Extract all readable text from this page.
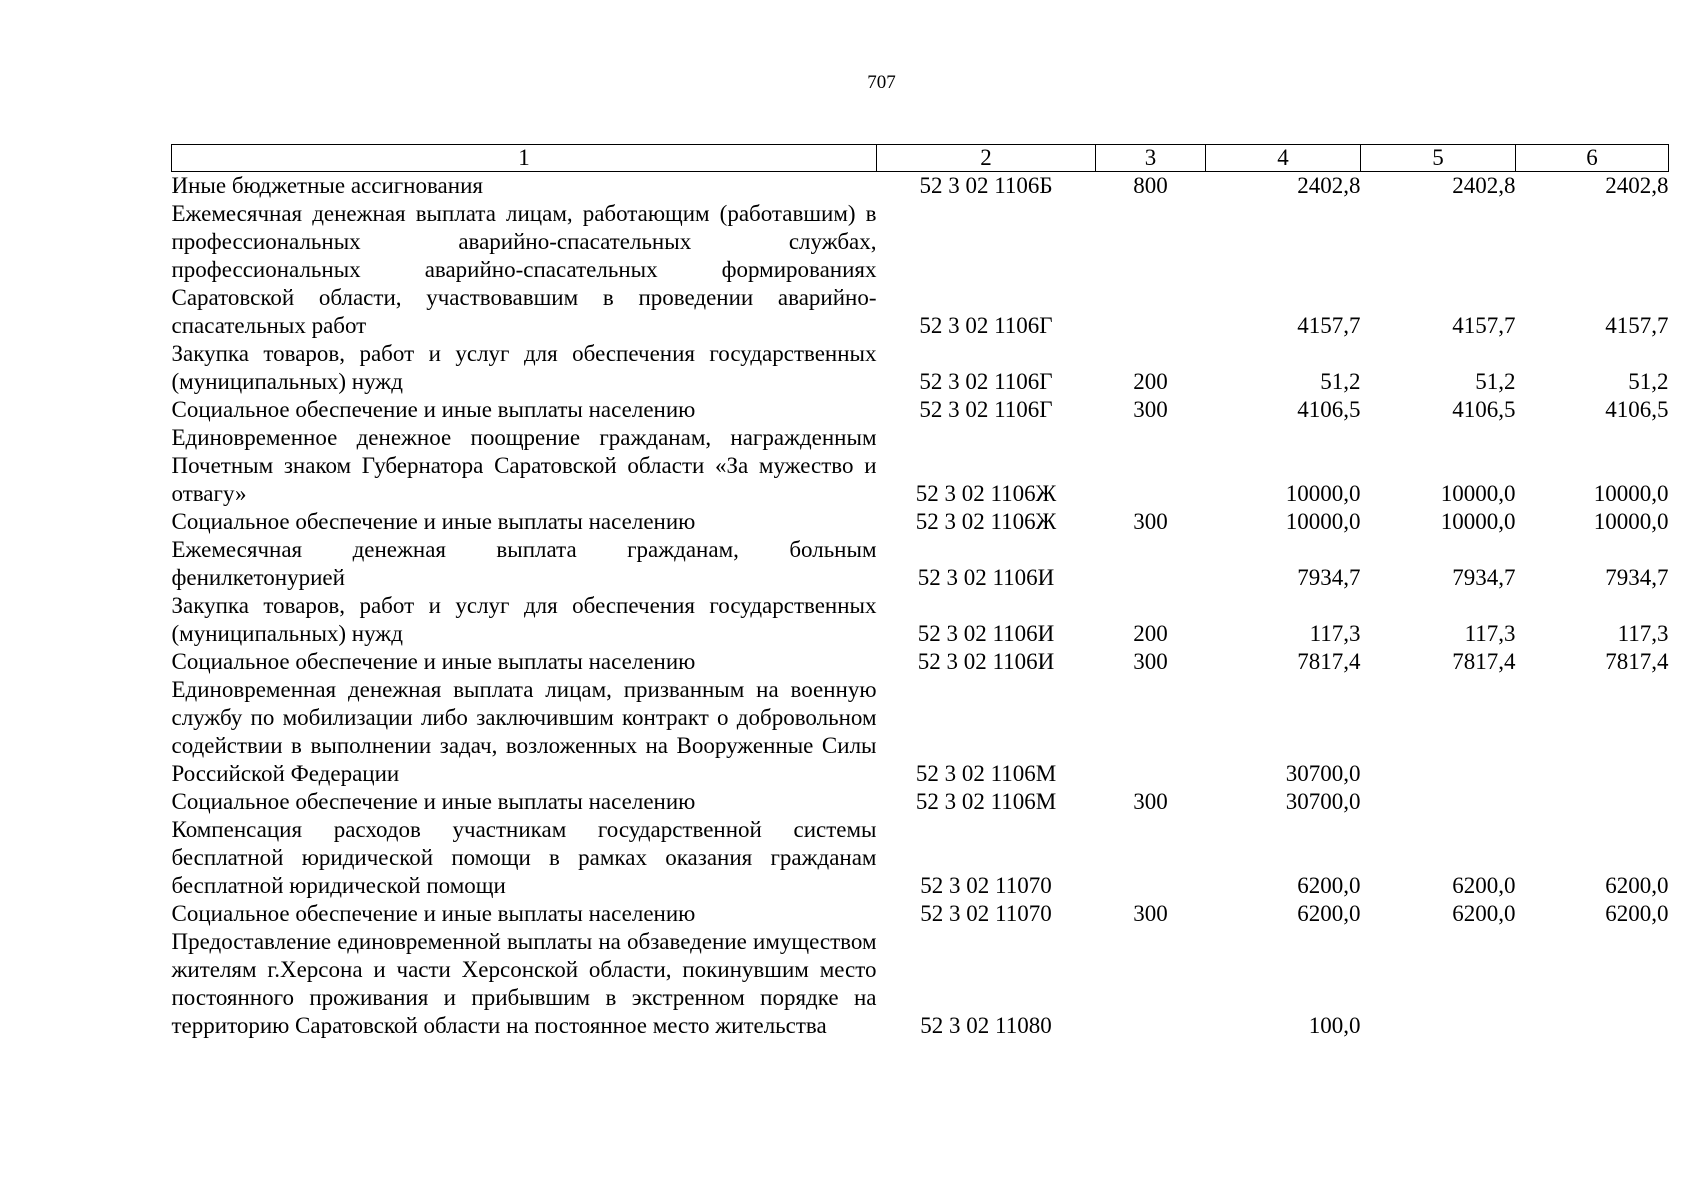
707
1	2	3	4	5	6
Иные бюджетные ассигнования	52 3 02 1106Б	800	2402,8	2402,8	2402,8
Ежемесячная денежная выплата лицам, работающим (работавшим) в профессиональных аварийно-спасательных службах, профессиональных аварийно-спасательных формированиях Саратовской области, участвовавшим в проведении аварийно-спасательных работ	52 3 02 1106Г		4157,7	4157,7	4157,7
Закупка товаров, работ и услуг для обеспечения государственных (муниципальных) нужд	52 3 02 1106Г	200	51,2	51,2	51,2
Социальное обеспечение и иные выплаты населению	52 3 02 1106Г	300	4106,5	4106,5	4106,5
Единовременное денежное поощрение гражданам, награжденным Почетным знаком Губернатора Саратовской области «За мужество и отвагу»	52 3 02 1106Ж		10000,0	10000,0	10000,0
Социальное обеспечение и иные выплаты населению	52 3 02 1106Ж	300	10000,0	10000,0	10000,0
Ежемесячная денежная выплата гражданам, больным фенилкетонурией	52 3 02 1106И		7934,7	7934,7	7934,7
Закупка товаров, работ и услуг для обеспечения государственных (муниципальных) нужд	52 3 02 1106И	200	117,3	117,3	117,3
Социальное обеспечение и иные выплаты населению	52 3 02 1106И	300	7817,4	7817,4	7817,4
Единовременная денежная выплата лицам, призванным на военную службу по мобилизации либо заключившим контракт о добровольном содействии в выполнении задач, возложенных на Вооруженные Силы Российской Федерации	52 3 02 1106М		30700,0		
Социальное обеспечение и иные выплаты населению	52 3 02 1106М	300	30700,0		
Компенсация расходов участникам государственной системы бесплатной юридической помощи в рамках оказания гражданам бесплатной юридической помощи	52 3 02 11070		6200,0	6200,0	6200,0
Социальное обеспечение и иные выплаты населению	52 3 02 11070	300	6200,0	6200,0	6200,0
Предоставление единовременной выплаты на обзаведение имуществом жителям г.Херсона и части Херсонской области, покинувшим место постоянного проживания и прибывшим в экстренном порядке на территорию Саратовской области на постоянное место жительства	52 3 02 11080		100,0		
